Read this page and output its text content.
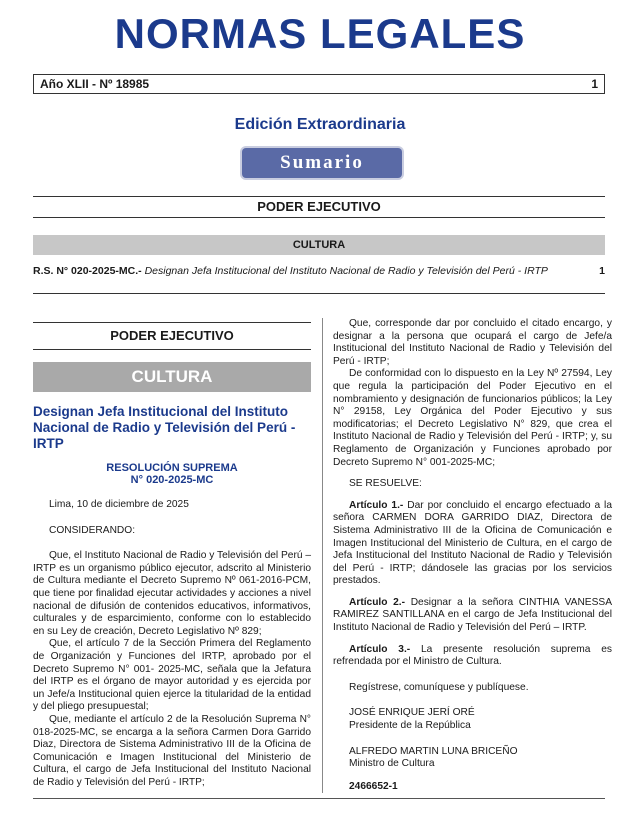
NORMAS LEGALES
Año XLII - Nº 18985	1
Edición Extraordinaria
Sumario
PODER EJECUTIVO
CULTURA
R.S. N° 020-2025-MC.- Designan Jefa Institucional del Instituto Nacional de Radio y Televisión del Perú - IRTP	1
PODER EJECUTIVO
CULTURA
Designan Jefa Institucional del Instituto Nacional de Radio y Televisión del Perú - IRTP
RESOLUCIÓN SUPREMA
N° 020-2025-MC

Lima, 10 de diciembre de 2025

CONSIDERANDO:

Que, el Instituto Nacional de Radio y Televisión del Perú – IRTP es un organismo público ejecutor, adscrito al Ministerio de Cultura mediante el Decreto Supremo Nº 061-2016-PCM, que tiene por finalidad ejecutar actividades y acciones a nivel nacional de difusión de contenidos educativos, informativos, culturales y de esparcimiento, conforme con lo establecido en su Ley de creación, Decreto Legislativo Nº 829;

Que, el artículo 7 de la Sección Primera del Reglamento de Organización y Funciones del IRTP, aprobado por el Decreto Supremo N° 001- 2025-MC, señala que la Jefatura del IRTP es el órgano de mayor autoridad y es ejercida por un Jefe/a Institucional quien ejerce la titularidad de la entidad y del pliego presupuestal;

Que, mediante el artículo 2 de la Resolución Suprema N° 018-2025-MC, se encarga a la señora Carmen Dora Garrido Diaz, Directora de Sistema Administrativo III de la Oficina de Comunicación e Imagen Institucional del Ministerio de Cultura, el cargo de Jefa Institucional del Instituto Nacional de Radio y Televisión del Perú - IRTP;

Que, corresponde dar por concluido el citado encargo, y designar a la persona que ocupará el cargo de Jefe/a Institucional del Instituto Nacional de Radio y Televisión del Perú - IRTP;

De conformidad con lo dispuesto en la Ley Nº 27594, Ley que regula la participación del Poder Ejecutivo en el nombramiento y designación de funcionarios públicos; la Ley N° 29158, Ley Orgánica del Poder Ejecutivo y sus modificatorias; el Decreto Legislativo N° 829, que crea el Instituto Nacional de Radio y Televisión del Perú - IRTP; y, su Reglamento de Organización y Funciones aprobado por Decreto Supremo N° 001-2025-MC;

SE RESUELVE:

Artículo 1.- Dar por concluido el encargo efectuado a la señora CARMEN DORA GARRIDO DIAZ, Directora de Sistema Administrativo III de la Oficina de Comunicación e Imagen Institucional del Ministerio de Cultura, en el cargo de Jefa Institucional del Instituto Nacional de Radio y Televisión del Perú - IRTP; dándosele las gracias por los servicios prestados.

Artículo 2.- Designar a la señora CINTHIA VANESSA RAMIREZ SANTILLANA en el cargo de Jefa Institucional del Instituto Nacional de Radio y Televisión del Perú – IRTP.

Artículo 3.- La presente resolución suprema es refrendada por el Ministro de Cultura.

Regístrese, comuníquese y publíquese.

JOSÉ ENRIQUE JERÍ ORÉ

Presidente de la República

ALFREDO MARTIN LUNA BRICEÑO

Ministro de Cultura

2466652-1
